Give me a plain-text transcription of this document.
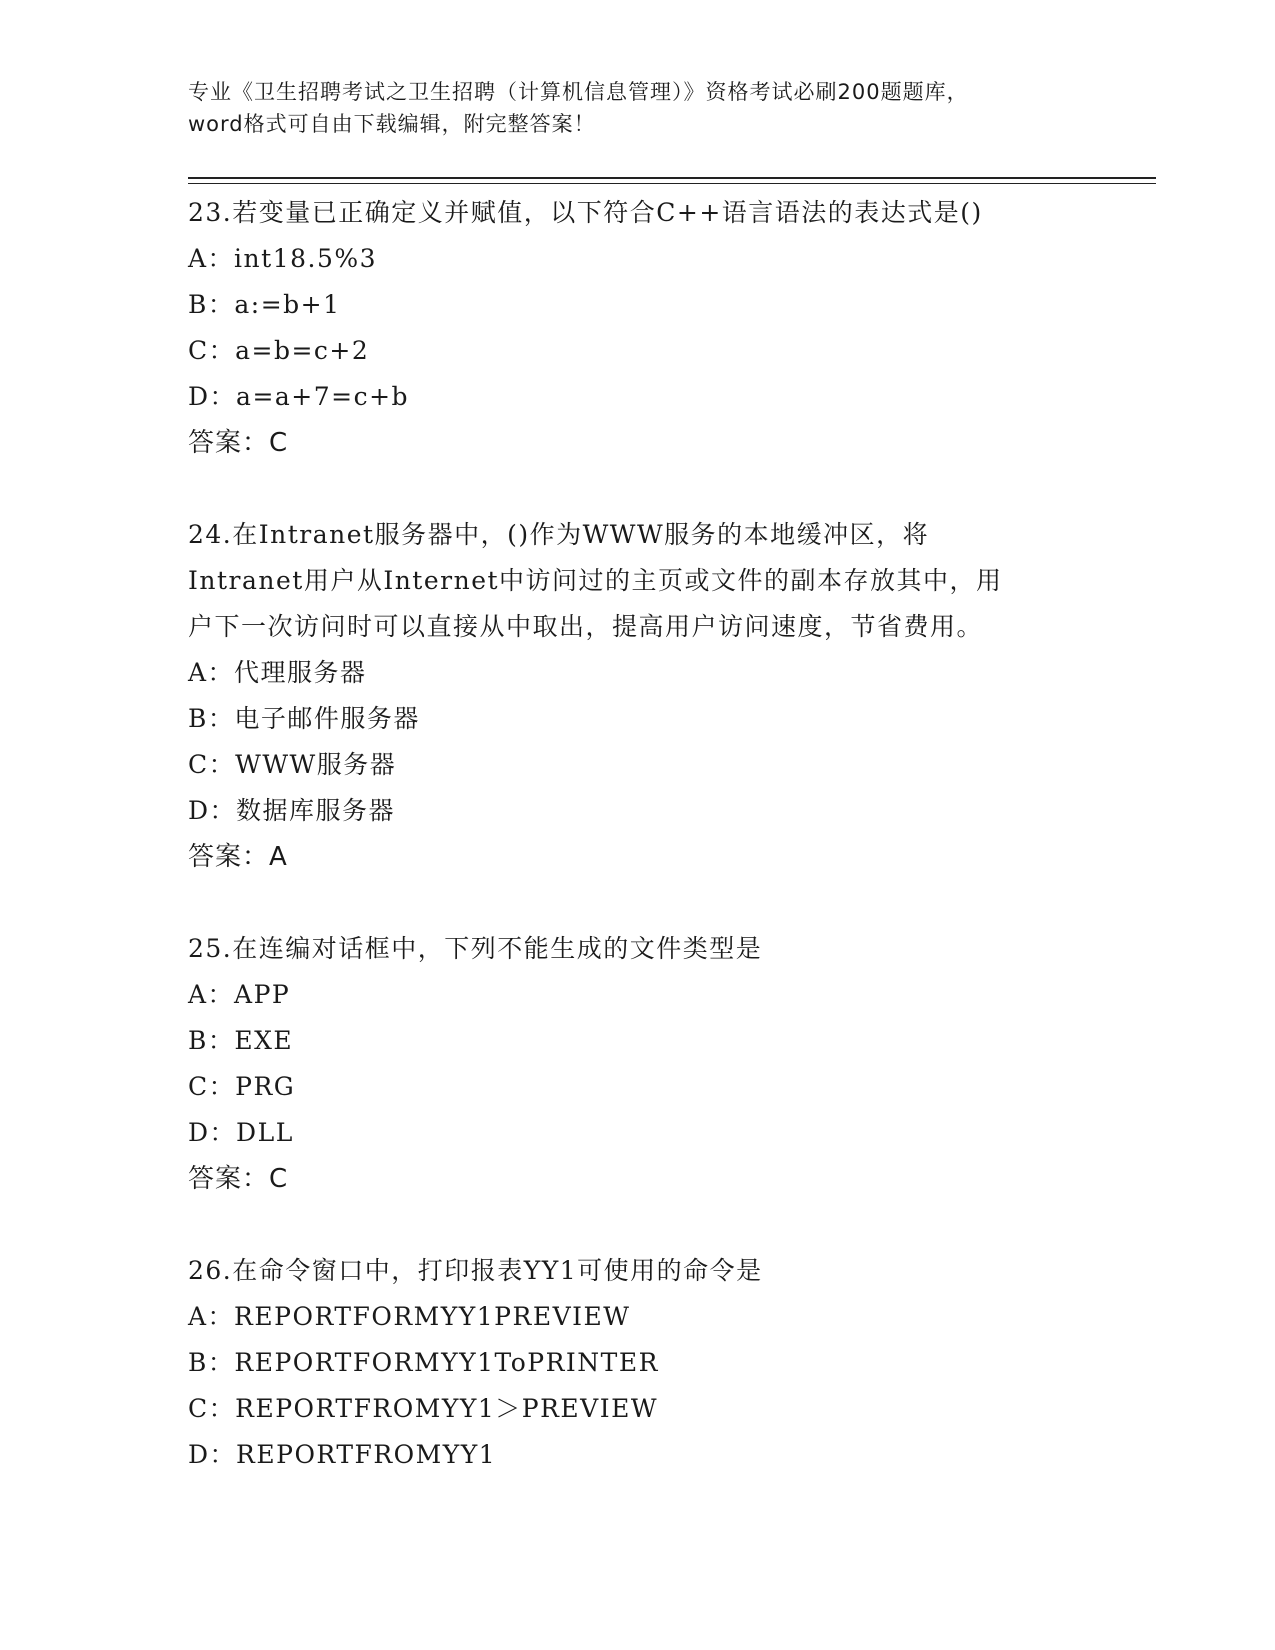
专业《卫生招聘考试之卫生招聘（计算机信息管理）》资格考试必刷200题题库，
word格式可自由下载编辑，附完整答案！
23.若变量已正确定义并赋值，以下符合C++语言语法的表达式是()
A：int18.5%3
B：a:=b+1
C：a=b=c+2
D：a=a+7=c+b
答案：C
24.在Intranet服务器中，()作为WWW服务的本地缓冲区，将
Intranet用户从Internet中访问过的主页或文件的副本存放其中，用
户下一次访问时可以直接从中取出，提高用户访问速度，节省费用。
A：代理服务器
B：电子邮件服务器
C：WWW服务器
D：数据库服务器
答案：A
25.在连编对话框中，下列不能生成的文件类型是
A：APP
B：EXE
C：PRG
D：DLL
答案：C
26.在命令窗口中，打印报表YY1可使用的命令是
A：REPORTFORMYY1PREVIEW
B：REPORTFORMYY1ToPRINTER
C：REPORTFROMYY1＞PREVIEW
D：REPORTFROMYY1
